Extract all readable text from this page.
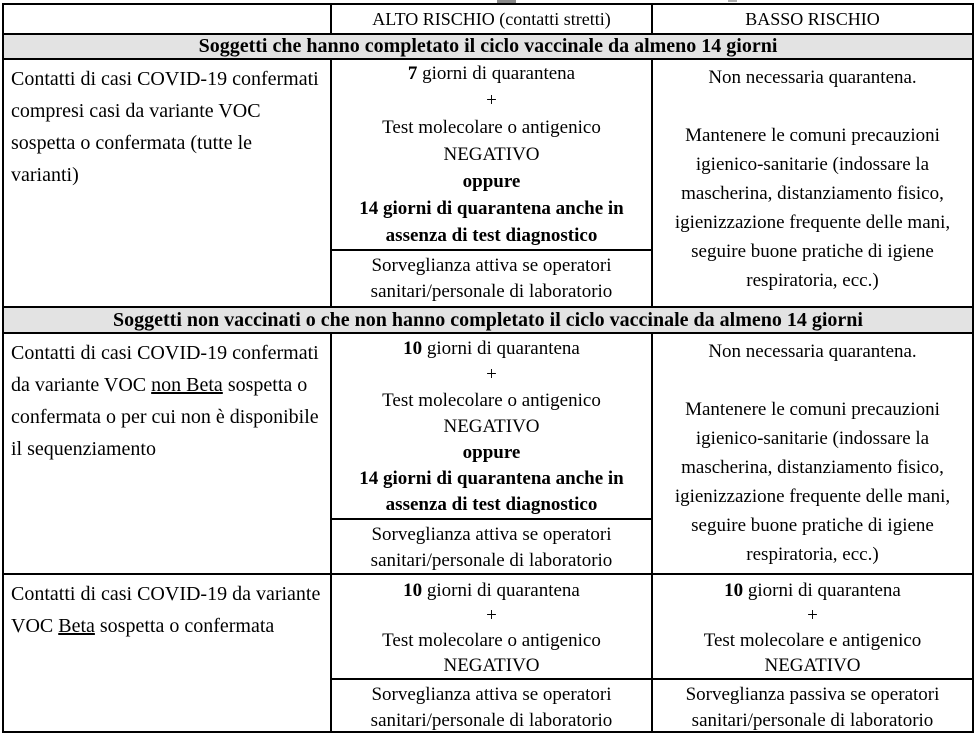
ALTO RISCHIO (contatti stretti)	BASSO RISCHIO
Soggetti che hanno completato il ciclo vaccinale da almeno 14 giorni
Contatti di casi COVID-19 confermati compresi casi da variante VOC sospetta o confermata (tutte le varianti)
7 giorni di quarantena
+
Test molecolare o antigenico
NEGATIVO
oppure
14 giorni di quarantena anche in assenza di test diagnostico
Sorveglianza attiva se operatori sanitari/personale di laboratorio
Non necessaria quarantena.
Mantenere le comuni precauzioni igienico-sanitarie (indossare la mascherina, distanziamento fisico, igienizzazione frequente delle mani, seguire buone pratiche di igiene respiratoria, ecc.)
Soggetti non vaccinati o che non hanno completato il ciclo vaccinale da almeno 14 giorni
Contatti di casi COVID-19 confermati da variante VOC non Beta sospetta o confermata o per cui non è disponibile il sequenziamento
10 giorni di quarantena
+
Test molecolare o antigenico
NEGATIVO
oppure
14 giorni di quarantena anche in assenza di test diagnostico
Sorveglianza attiva se operatori sanitari/personale di laboratorio
Non necessaria quarantena.
Mantenere le comuni precauzioni igienico-sanitarie (indossare la mascherina, distanziamento fisico, igienizzazione frequente delle mani, seguire buone pratiche di igiene respiratoria, ecc.)
Contatti di casi COVID-19 da variante VOC Beta sospetta o confermata
10 giorni di quarantena
+
Test molecolare o antigenico
NEGATIVO
Sorveglianza attiva se operatori sanitari/personale di laboratorio
10 giorni di quarantena
+
Test molecolare e antigenico
NEGATIVO
Sorveglianza passiva se operatori sanitari/personale di laboratorio
